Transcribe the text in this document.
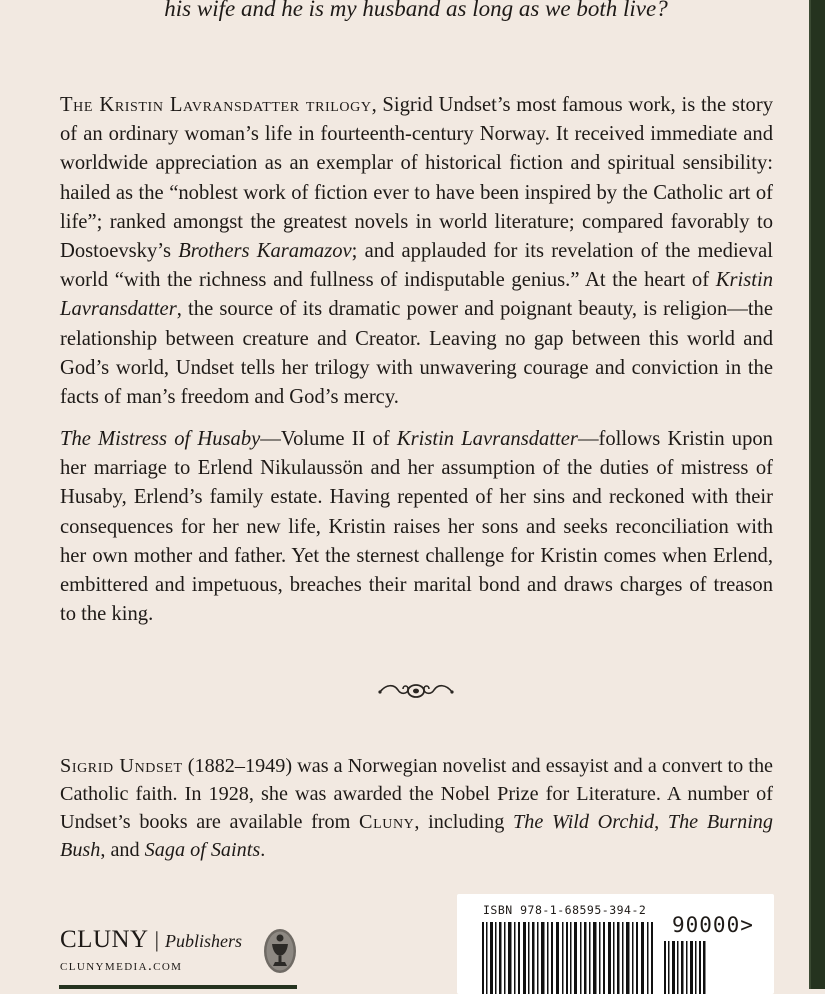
his wife and he is my husband as long as we both live?

The Kristin Lavransdatter trilogy, Sigrid Undset’s most famous work, is the story of an ordinary woman’s life in fourteenth-century Norway. It received immediate and worldwide appreciation as an exemplar of historical fiction and spiritual sensibility: hailed as the “noblest work of fiction ever to have been inspired by the Catholic art of life”; ranked amongst the greatest novels in world literature; compared favorably to Dostoevsky’s Brothers Karamazov; and applauded for its revelation of the medieval world “with the richness and fullness of indisputable genius.” At the heart of Kristin Lavransdatter, the source of its dramatic power and poignant beauty, is religion—the relationship between creature and Creator. Leaving no gap between this world and God’s world, Undset tells her trilogy with unwavering courage and conviction in the facts of man’s freedom and God’s mercy.

The Mistress of Husaby—Volume II of Kristin Lavransdatter—follows Kristin upon her marriage to Erlend Nikulaussön and her assumption of the duties of mistress of Husaby, Erlend’s family estate. Having repented of her sins and reckoned with their consequences for her new life, Kristin raises her sons and seeks reconciliation with her own mother and father. Yet the sternest challenge for Kristin comes when Erlend, embittered and impetuous, breaches their marital bond and draws charges of treason to the king.

Sigrid Undset (1882–1949) was a Norwegian novelist and essayist and a convert to the Catholic faith. In 1928, she was awarded the Nobel Prize for Literature. A number of Undset’s books are available from Cluny, including The Wild Orchid, The Burning Bush, and Saga of Saints.

CLUNY | Publishers
clunymedia.com
ISBN 978-1-68595-394-2
90000>
